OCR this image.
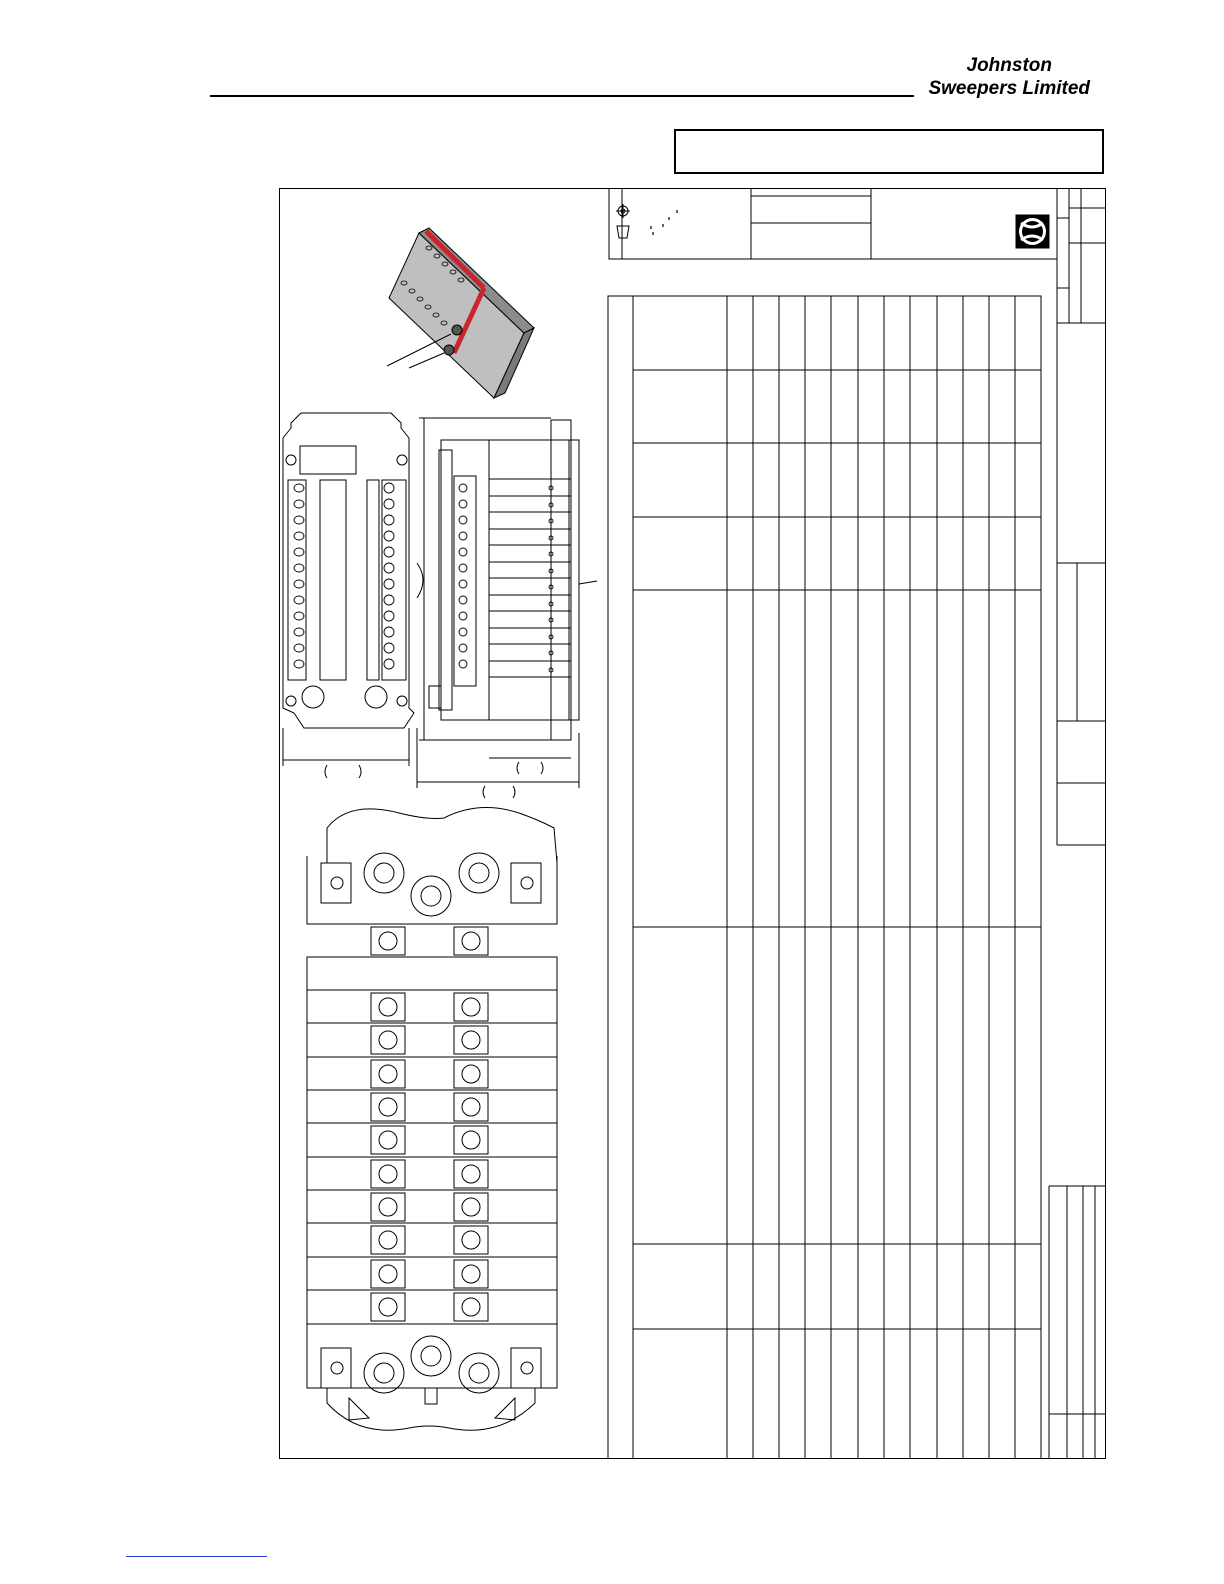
Johnston
Sweepers Limited
